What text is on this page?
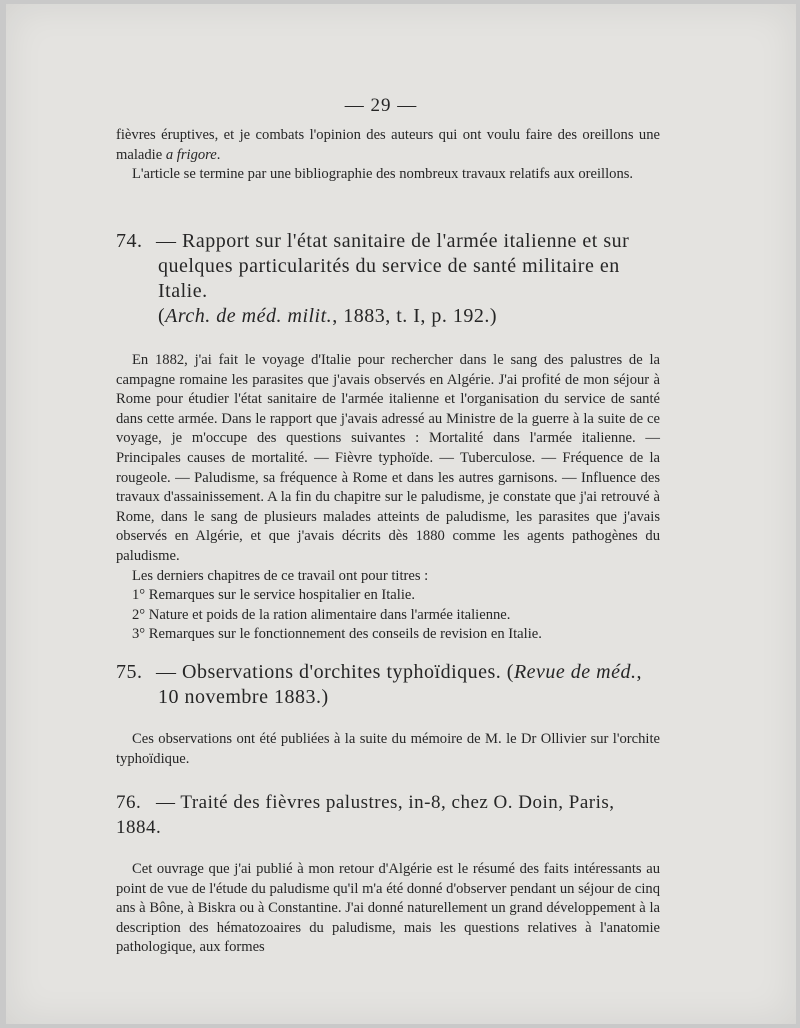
— 29 —

fièvres éruptives, et je combats l'opinion des auteurs qui ont voulu faire des oreillons une maladie a frigore.

L'article se termine par une bibliographie des nombreux travaux relatifs aux oreillons.

74. — Rapport sur l'état sanitaire de l'armée italienne et sur
quelques particularités du service de santé militaire en Italie.
(Arch. de méd. milit., 1883, t. I, p. 192.)

En 1882, j'ai fait le voyage d'Italie pour rechercher dans le sang des palustres de la campagne romaine les parasites que j'avais observés en Algérie. J'ai profité de mon séjour à Rome pour étudier l'état sanitaire de l'armée italienne et l'organisation du service de santé dans cette armée. Dans le rapport que j'avais adressé au Ministre de la guerre à la suite de ce voyage, je m'occupe des questions suivantes : Mortalité dans l'armée italienne. — Principales causes de mortalité. — Fièvre typhoïde. — Tuberculose. — Fréquence de la rougeole. — Paludisme, sa fréquence à Rome et dans les autres garnisons. — Influence des travaux d'assainissement. A la fin du chapitre sur le paludisme, je constate que j'ai retrouvé à Rome, dans le sang de plusieurs malades atteints de paludisme, les parasites que j'avais observés en Algérie, et que j'avais décrits dès 1880 comme les agents pathogènes du paludisme.

Les derniers chapitres de ce travail ont pour titres :

1° Remarques sur le service hospitalier en Italie.

2° Nature et poids de la ration alimentaire dans l'armée italienne.

3° Remarques sur le fonctionnement des conseils de revision en Italie.

75. — Observations d'orchites typhoïdiques. (Revue de méd.,
10 novembre 1883.)

Ces observations ont été publiées à la suite du mémoire de M. le Dr Ollivier sur l'orchite typhoïdique.

76. — Traité des fièvres palustres, in-8, chez O. Doin, Paris, 1884.

Cet ouvrage que j'ai publié à mon retour d'Algérie est le résumé des faits intéressants au point de vue de l'étude du paludisme qu'il m'a été donné d'observer pendant un séjour de cinq ans à Bône, à Biskra ou à Constantine. J'ai donné naturellement un grand développement à la description des hématozoaires du paludisme, mais les questions relatives à l'anatomie pathologique, aux formes
